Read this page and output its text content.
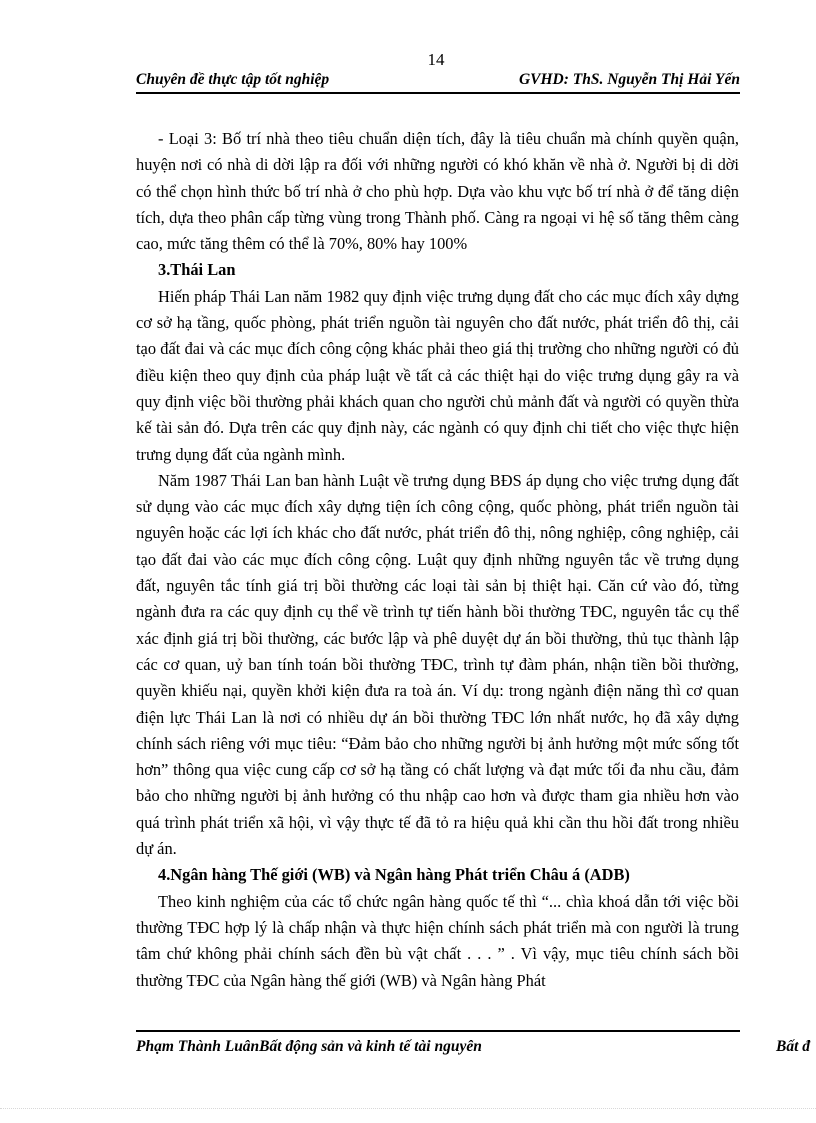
14
Chuyên đề thực tập tốt nghiệp	GVHD: ThS. Nguyễn Thị Hải Yến

- Loại 3: Bố trí nhà theo tiêu chuẩn diện tích, đây là tiêu chuẩn mà chính quyền quận, huyện nơi có nhà di dời lập ra đối với những người có khó khăn về nhà ở. Người bị di dời có thể chọn hình thức bố trí nhà ở cho phù hợp. Dựa vào khu vực bố trí nhà ở để tăng diện tích, dựa theo phân cấp từng vùng trong Thành phố. Càng ra ngoại vi hệ số tăng thêm càng cao, mức tăng thêm có thể là 70%, 80% hay 100%

3.Thái Lan

Hiến pháp Thái Lan năm 1982 quy định việc trưng dụng đất cho các mục đích xây dựng cơ sở hạ tầng, quốc phòng, phát triển nguồn tài nguyên cho đất nước, phát triển đô thị, cải tạo đất đai và các mục đích công cộng khác phải theo giá thị trường cho những người có đủ điều kiện theo quy định của pháp luật về tất cả các thiệt hại do việc trưng dụng gây ra và quy định việc bồi thường phải khách quan cho người chủ mảnh đất và người có quyền thừa kế tài sản đó. Dựa trên các quy định này, các ngành có quy định chi tiết cho việc thực hiện trưng dụng đất của ngành mình.

Năm 1987 Thái Lan ban hành Luật về trưng dụng BĐS áp dụng cho việc trưng dụng đất sử dụng vào các mục đích xây dựng tiện ích công cộng, quốc phòng, phát triển nguồn tài nguyên hoặc các lợi ích khác cho đất nước, phát triển đô thị, nông nghiệp, công nghiệp, cải tạo đất đai vào các mục đích công cộng. Luật quy định những nguyên tắc về trưng dụng đất, nguyên tắc tính giá trị bồi thường các loại tài sản bị thiệt hại. Căn cứ vào đó, từng ngành đưa ra các quy định cụ thể về trình tự tiến hành bồi thường TĐC, nguyên tắc cụ thể xác định giá trị bồi thường, các bước lập và phê duyệt dự án bồi thường, thủ tục thành lập các cơ quan, uỷ ban tính toán bồi thường TĐC, trình tự đàm phán, nhận tiền bồi thường, quyền khiếu nại, quyền khởi kiện đưa ra toà án. Ví dụ: trong ngành điện năng thì cơ quan điện lực Thái Lan là nơi có nhiều dự án bồi thường TĐC lớn nhất nước, họ đã xây dựng chính sách riêng với mục tiêu: “Đảm bảo cho những người bị ảnh hưởng một mức sống tốt hơn” thông qua việc cung cấp cơ sở hạ tầng có chất lượng và đạt mức tối đa nhu cầu, đảm bảo cho những người bị ảnh hưởng có thu nhập cao hơn và được tham gia nhiều hơn vào quá trình phát triển xã hội, vì vậy thực tế đã tỏ ra hiệu quả khi cần thu hồi đất trong nhiều dự án.

4.Ngân hàng Thế giới (WB) và Ngân hàng Phát triển Châu á (ADB)

Theo kinh nghiệm của các tổ chức ngân hàng quốc tế thì “... chìa khoá dẫn tới việc bồi thường TĐC hợp lý là chấp nhận và thực hiện chính sách phát triển mà con người là trung tâm chứ không phải chính sách đền bù vật chất . . . ” . Vì vậy, mục tiêu chính sách bồi thường TĐC của Ngân hàng thế giới (WB) và Ngân hàng Phát

Phạm Thành LuânBất động sản và kinh tế tài nguyên	Bất đ
